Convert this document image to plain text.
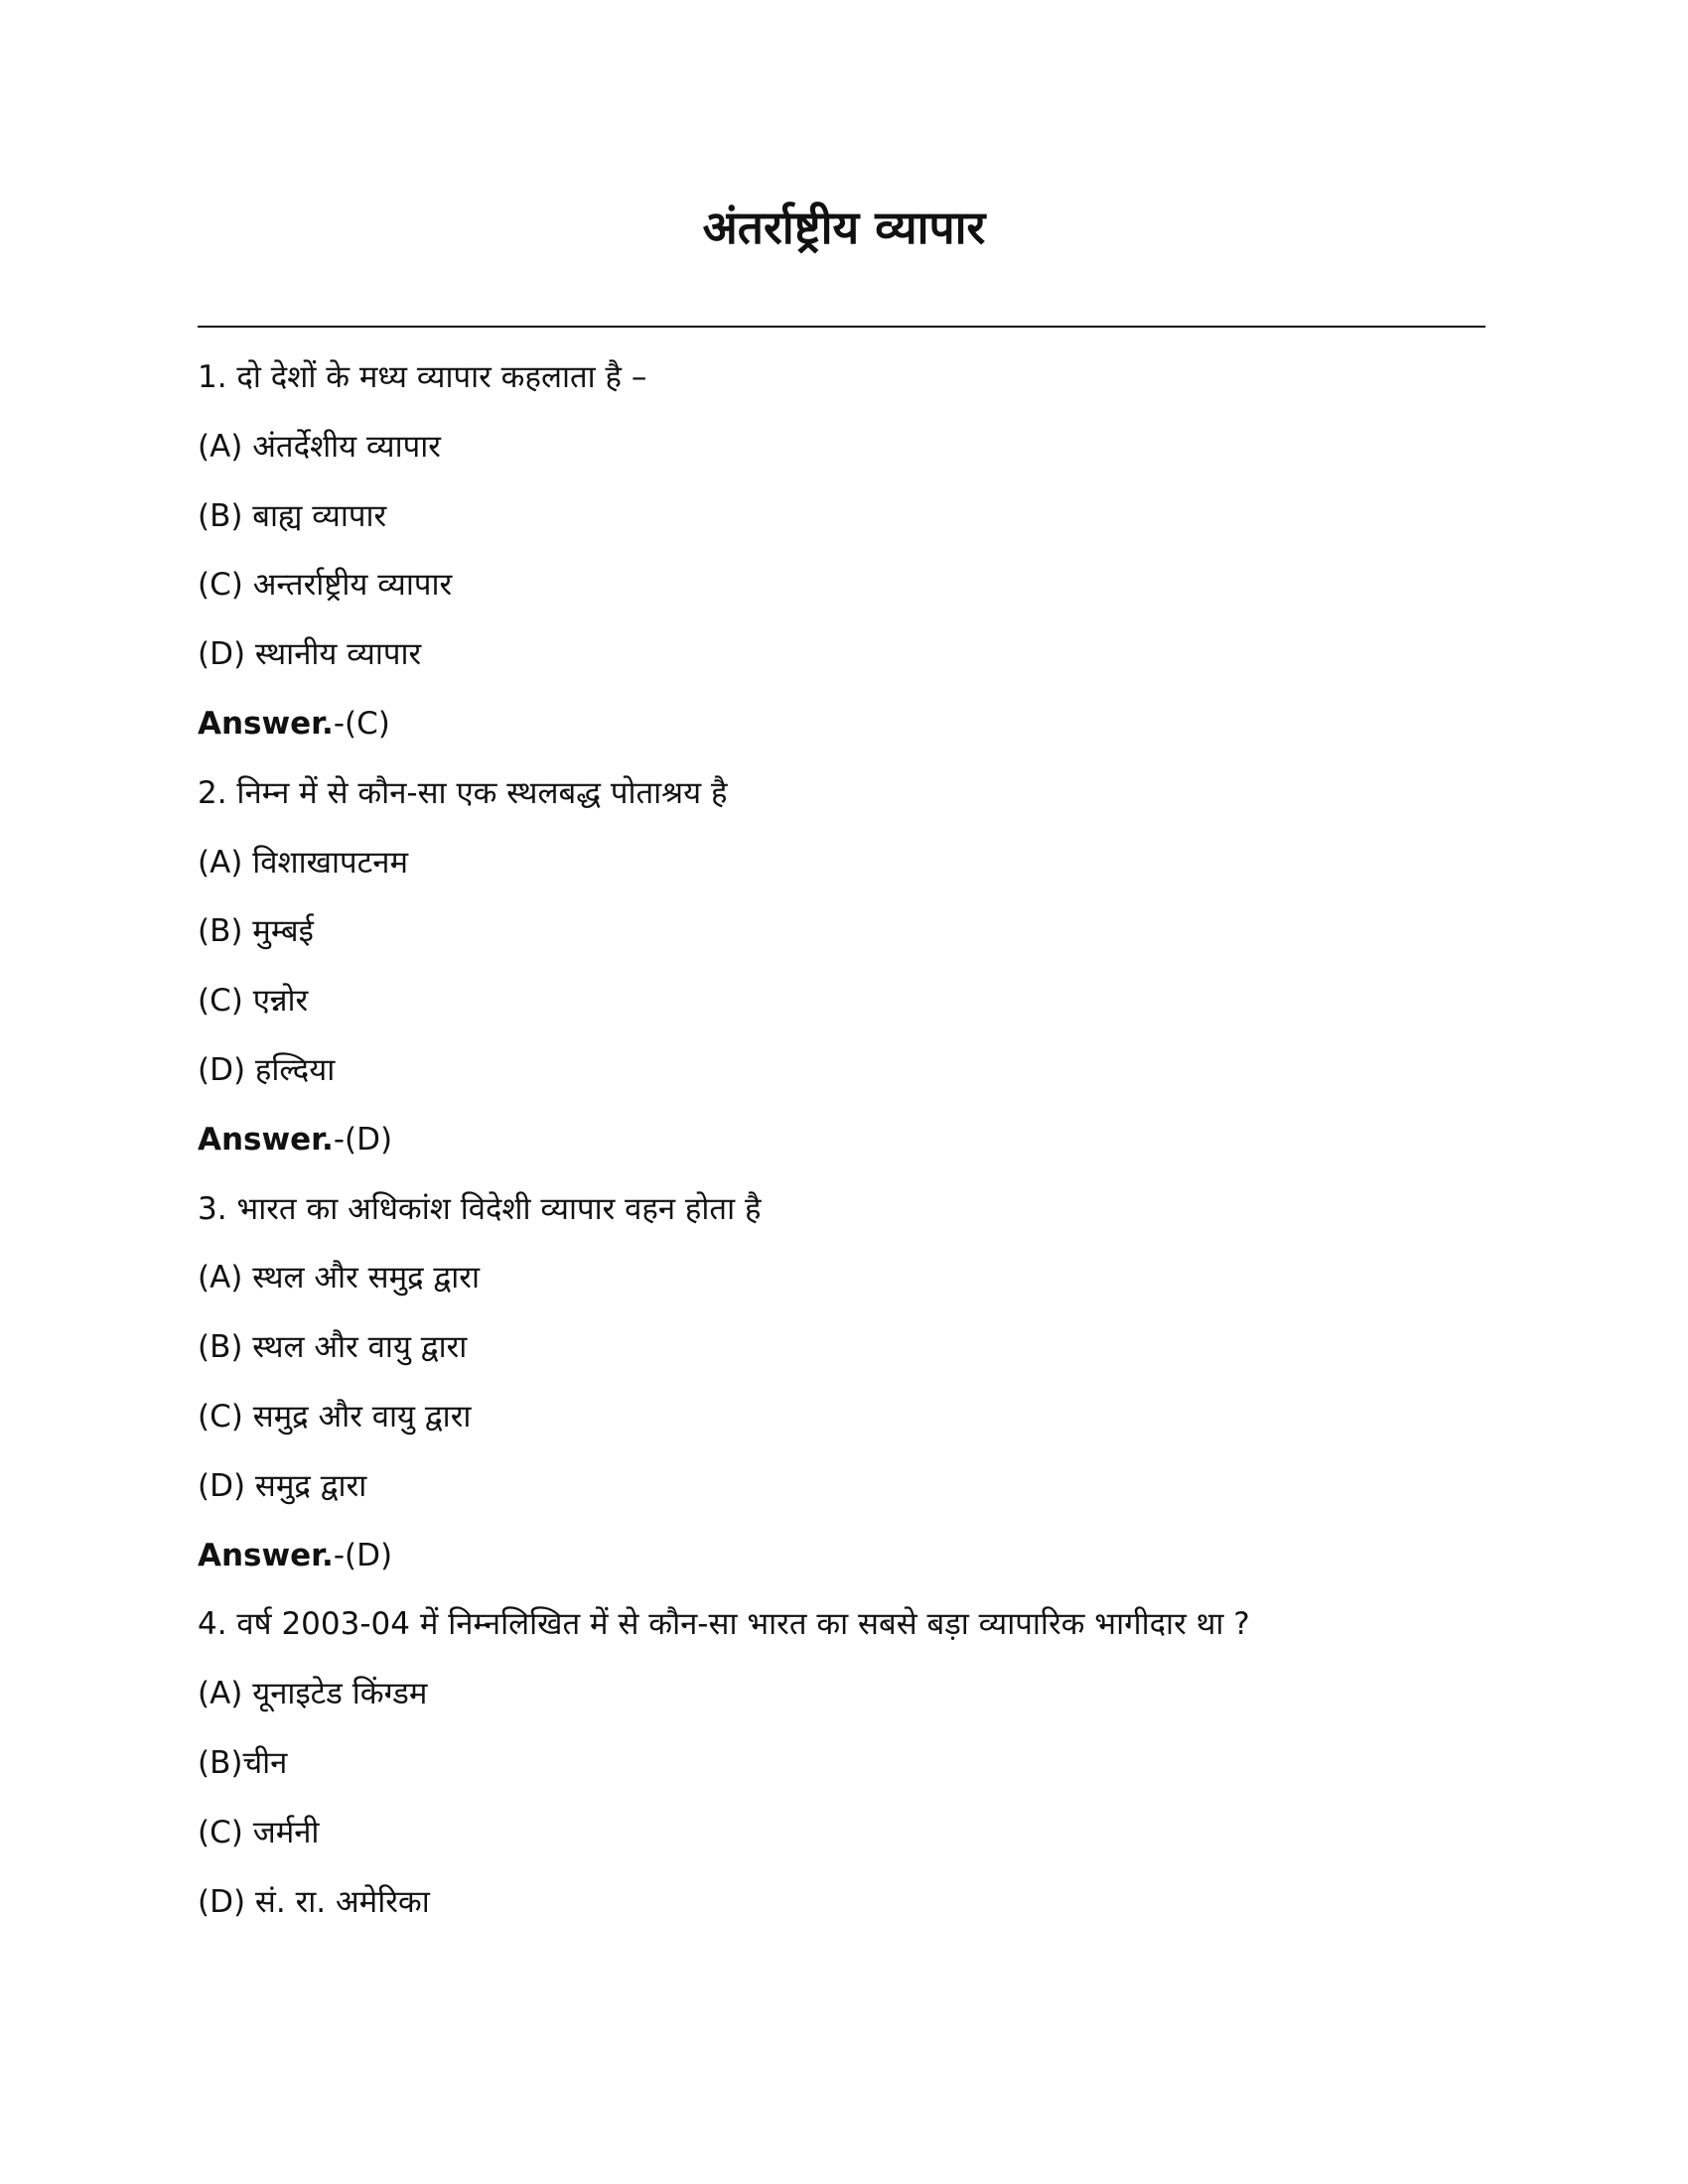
अंतर्राष्ट्रीय व्यापार
1. दो देशों के मध्य व्यापार कहलाता है –
(A) अंतर्देशीय व्यापार
(B) बाह्य व्यापार
(C) अन्तर्राष्ट्रीय व्यापार
(D) स्थानीय व्यापार
Answer.-(C)
2. निम्न में से कौन-सा एक स्थलबद्ध पोताश्रय है
(A) विशाखापटनम
(B) मुम्बई
(C) एन्नोर
(D) हल्दिया
Answer.-(D)
3. भारत का अधिकांश विदेशी व्यापार वहन होता है
(A) स्थल और समुद्र द्वारा
(B) स्थल और वायु द्वारा
(C) समुद्र और वायु द्वारा
(D) समुद्र द्वारा
Answer.-(D)
4. वर्ष 2003-04 में निम्नलिखित में से कौन-सा भारत का सबसे बड़ा व्यापारिक भागीदार था ?
(A) यूनाइटेड किंग्डम
(B)चीन
(C) जर्मनी
(D) सं. रा. अमेरिका
